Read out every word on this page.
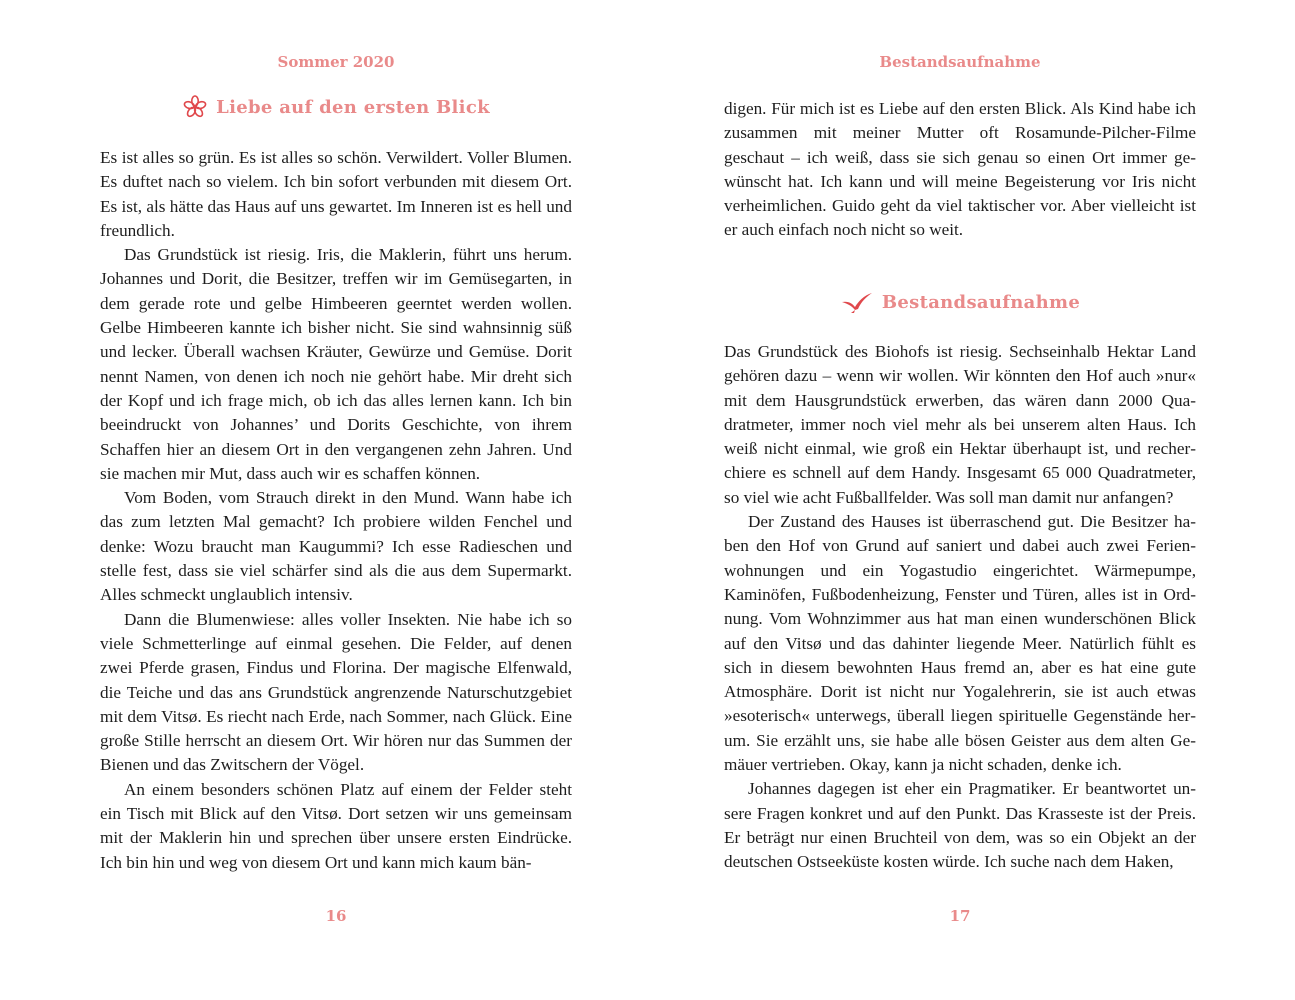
Sommer 2020
Liebe auf den ersten Blick

Es ist alles so grün. Es ist alles so schön. Verwildert. Voller Blumen. Es duftet nach so vielem. Ich bin sofort verbunden mit diesem Ort. Es ist, als hätte das Haus auf uns gewartet. Im Inneren ist es hell und freundlich.

Das Grundstück ist riesig. Iris, die Maklerin, führt uns herum. Johannes und Dorit, die Besitzer, treffen wir im Gemüsegarten, in dem gerade rote und gelbe Himbeeren geerntet werden wollen. Gelbe Himbeeren kannte ich bisher nicht. Sie sind wahnsinnig süß und lecker. Überall wachsen Kräuter, Gewürze und Gemüse. Dorit nennt Namen, von denen ich noch nie gehört habe. Mir dreht sich der Kopf und ich frage mich, ob ich das alles lernen kann. Ich bin beeindruckt von Johannes’ und Dorits Geschichte, von ihrem Schaffen hier an diesem Ort in den vergangenen zehn Jahren. Und sie machen mir Mut, dass auch wir es schaffen können.

Vom Boden, vom Strauch direkt in den Mund. Wann habe ich das zum letzten Mal gemacht? Ich probiere wilden Fenchel und denke: Wozu braucht man Kaugummi? Ich esse Radieschen und stelle fest, dass sie viel schärfer sind als die aus dem Supermarkt. Alles schmeckt unglaublich intensiv.

Dann die Blumenwiese: alles voller Insekten. Nie habe ich so viele Schmetterlinge auf einmal gesehen. Die Felder, auf denen zwei Pferde grasen, Findus und Florina. Der magische Elfenwald, die Teiche und das ans Grundstück angrenzende Naturschutzgebiet mit dem Vitsø. Es riecht nach Erde, nach Sommer, nach Glück. Eine große Stille herrscht an diesem Ort. Wir hören nur das Summen der Bienen und das Zwitschern der Vögel.

An einem besonders schönen Platz auf einem der Felder steht ein Tisch mit Blick auf den Vitsø. Dort setzen wir uns gemeinsam mit der Maklerin hin und sprechen über unsere ersten Eindrücke. Ich bin hin und weg von diesem Ort und kann mich kaum bän-

16
Bestandsaufnahme

digen. Für mich ist es Liebe auf den ersten Blick. Als Kind habe ich zusammen mit meiner Mutter oft Rosamunde-Pilcher-Filme geschaut – ich weiß, dass sie sich genau so einen Ort immer gewünscht hat. Ich kann und will meine Begeisterung vor Iris nicht verheimlichen. Guido geht da viel taktischer vor. Aber vielleicht ist er auch einfach noch nicht so weit.

Bestandsaufnahme

Das Grundstück des Biohofs ist riesig. Sechseinhalb Hektar Land gehören dazu – wenn wir wollen. Wir könnten den Hof auch »nur« mit dem Hausgrundstück erwerben, das wären dann 2000 Quadratmeter, immer noch viel mehr als bei unserem alten Haus. Ich weiß nicht einmal, wie groß ein Hektar überhaupt ist, und recherchiere es schnell auf dem Handy. Insgesamt 65 000 Quadratmeter, so viel wie acht Fußballfelder. Was soll man damit nur anfangen?

Der Zustand des Hauses ist überraschend gut. Die Besitzer haben den Hof von Grund auf saniert und dabei auch zwei Ferienwohnungen und ein Yogastudio eingerichtet. Wärmepumpe, Kaminöfen, Fußbodenheizung, Fenster und Türen, alles ist in Ordnung. Vom Wohnzimmer aus hat man einen wunderschönen Blick auf den Vitsø und das dahinter liegende Meer. Natürlich fühlt es sich in diesem bewohnten Haus fremd an, aber es hat eine gute Atmosphäre. Dorit ist nicht nur Yogalehrerin, sie ist auch etwas »esoterisch« unterwegs, überall liegen spirituelle Gegenstände herum. Sie erzählt uns, sie habe alle bösen Geister aus dem alten Gemäuer vertrieben. Okay, kann ja nicht schaden, denke ich.

Johannes dagegen ist eher ein Pragmatiker. Er beantwortet unsere Fragen konkret und auf den Punkt. Das Krasseste ist der Preis. Er beträgt nur einen Bruchteil von dem, was so ein Objekt an der deutschen Ostseeküste kosten würde. Ich suche nach dem Haken,

17
